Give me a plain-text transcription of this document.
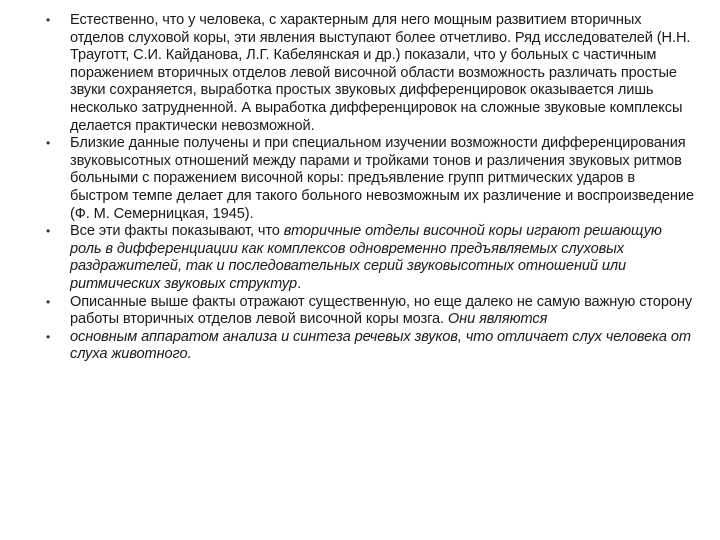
• Естественно, что у человека, с характерным для него мощным развитием вторичных отделов слуховой коры, эти явления выступают более отчетливо. Ряд исследователей (Н.Н. Трауготт, С.И. Кайданова, Л.Г. Кабелянская и др.) показали, что у больных с частичным поражением вторичных отделов левой височной области возможность различать простые звуки сохраняется, выработка простых звуковых дифференцировок оказывается лишь несколько затрудненной. А выработка дифференцировок на сложные звуковые комплексы делается практически невозможной.
• Близкие данные получены и при специальном изучении возможности дифференцирования звуковысотных отношений между парами и тройками тонов и различения звуковых ритмов больными с поражением височной коры: предъявление групп ритмических ударов в быстром темпе делает для такого больного невозможным их различение и воспроизведение (Ф. М. Семерницкая, 1945).
• Все эти факты показывают, что вторичные отделы височной коры играют решающую роль в дифференциации как комплексов одновременно предъявляемых слуховых раздражителей, так и последовательных серий звуковысотных отношений или ритмических звуковых структур.
• Описанные выше факты отражают существенную, но еще далеко не самую важную сторону работы вторичных отделов левой височной коры мозга. Они являются
• основным аппаратом анализа и синтеза речевых звуков, что отличает слух человека от слуха животного.
